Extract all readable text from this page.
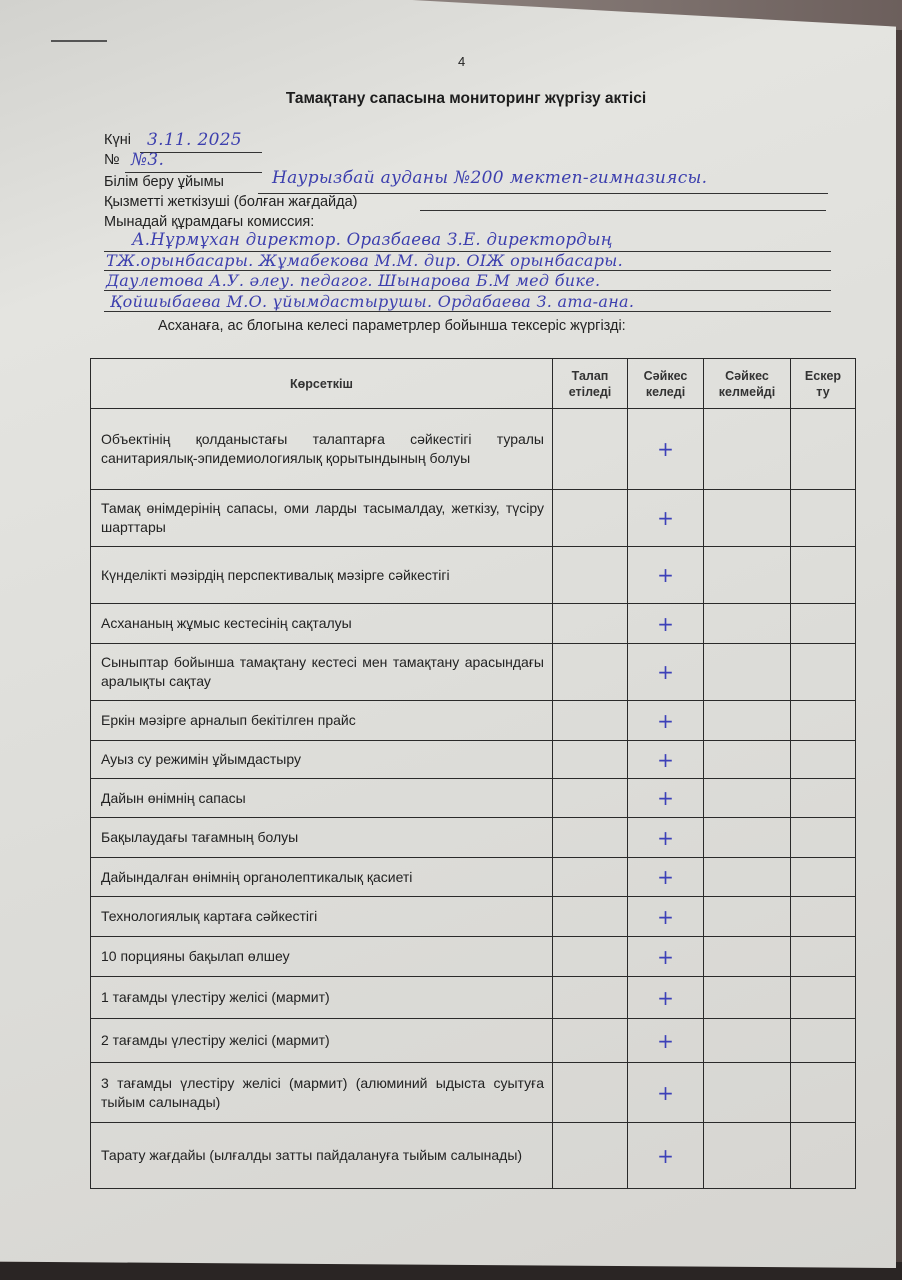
4
Тамақтану сапасына мониторинг жүргізу актісі
Күні 3.11. 2025
№ №3.
Білім беру ұйымы	Наурызбай ауданы №200 мектеп-гимназиясы.
Қызметті жеткізуші (болған жағдайда)
Мынадай құрамдағы комиссия:
А.Нұрмұхан директор. Оразбаева З.Е. директордың
ТЖ.орынбасары. Жұмабекова М.М. дир. ОІЖ орынбасары.
Даулетова А.У. әлеу. педагог. Шынарова Б.М мед бике.
Қойшыбаева М.О. ұйымдастырушы. Ордабаева З. ата-ана.
Асханаға, ас блогына келесі параметрлер бойынша тексеріс жүргізді:
Көрсеткіш	Талап етіледі	Сәйкес келеді	Сәйкес келмейді	Ескер ту
Объектінің қолданыстағы талаптарға сәйкестігі туралы санитариялық-эпидемиологиялық қорытындының болуы		+		
Тамақ өнімдерінің сапасы, оми ларды тасымалдау, жеткізу, түсіру шарттары		+		
Күнделікті мәзірдің перспективалық мәзірге сәйкестігі		+		
Асхананың жұмыс кестесінің сақталуы		+		
Сыныптар бойынша тамақтану кестесі мен тамақтану арасындағы аралықты сақтау		+		
Еркін мәзірге арналып бекітілген прайс		+		
Ауыз су режимін ұйымдастыру		+		
Дайын өнімнің сапасы		+		
Бақылаудағы тағамның болуы		+		
Дайындалған өнімнің органолептикалық қасиеті		+		
Технологиялық картаға сәйкестігі		+		
10 порцияны бақылап өлшеу		+		
1 тағамды үлестіру желісі (мармит)		+		
2 тағамды үлестіру желісі (мармит)		+		
3 тағамды үлестіру желісі (мармит) (алюминий ыдыста суытуға тыйым салынады)		+		
Тарату жағдайы (ылғалды затты пайдалануға тыйым салынады)		+		
